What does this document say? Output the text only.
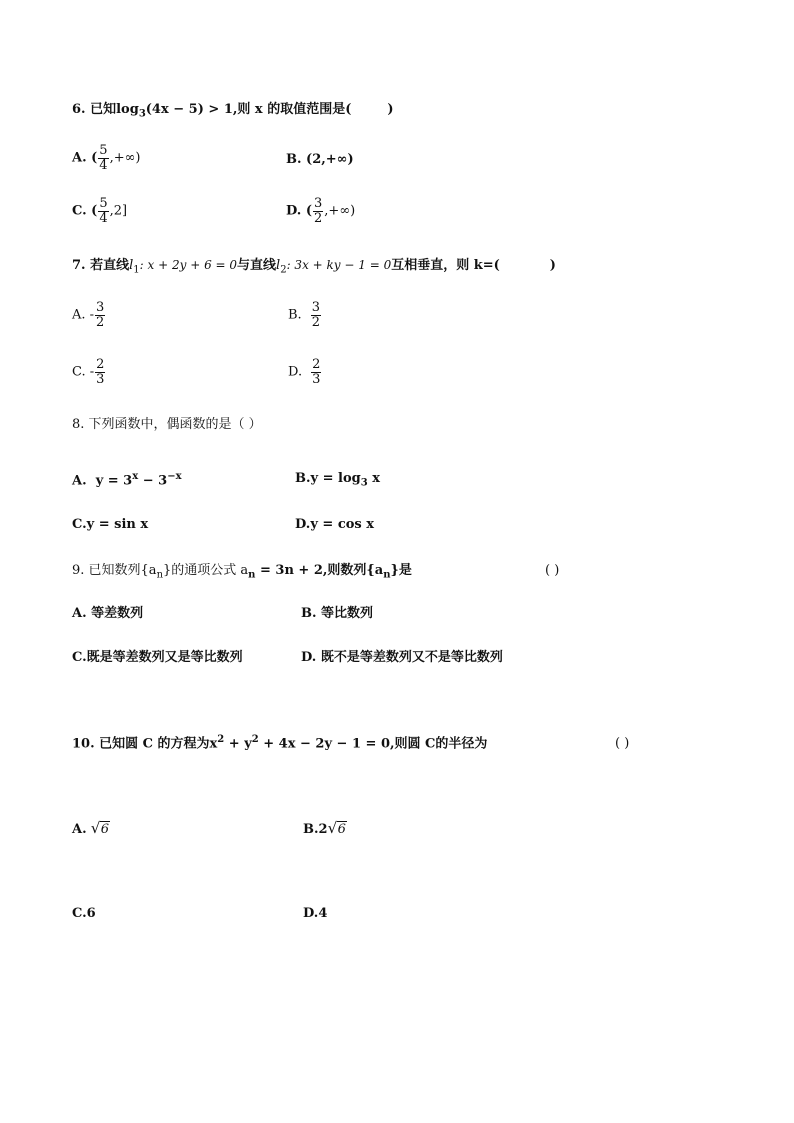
6. 已知$\log_3(4x - 5) > 1$,则 x 的取值范围是(	)
A. ( $\frac{5}{4}$ ,+∞)	B. (2,+∞)
C. ( $\frac{5}{4} ,2$]	D. ( $\frac{3}{2}$ ,+∞)
7. 若直线$l_1$: x + 2y + 6 = 0与直线$l_2$: 3x + ky − 1 = 0互相垂直，则 k=(	)
A. - $\frac{3}{2}$	B. $\frac{3}{2}$
C. - $\frac{2}{3}$	D. $\frac{2}{3}$
8. 下列函数中，偶函数的是（ ）
A. $y = 3^x - 3^{-x}$	$B.y = \log_3 x$
C.y = sin x	D.y = cos x
9. 已知数列$\{a_n\}$的通项公式 $a_n = 3n + 2$,则数列$\{a_n\}$是	( )
A. 等差数列	B. 等比数列
C.既是等差数列又是等比数列	D. 既不是等差数列又不是等比数列
10. 已知圆 C 的方程为$x^2 + y^2 + 4x - 2y - 1 = 0$,则圆 C的半径为	( )
A. √ 6	B.2 √ 6
C.6	D.4
